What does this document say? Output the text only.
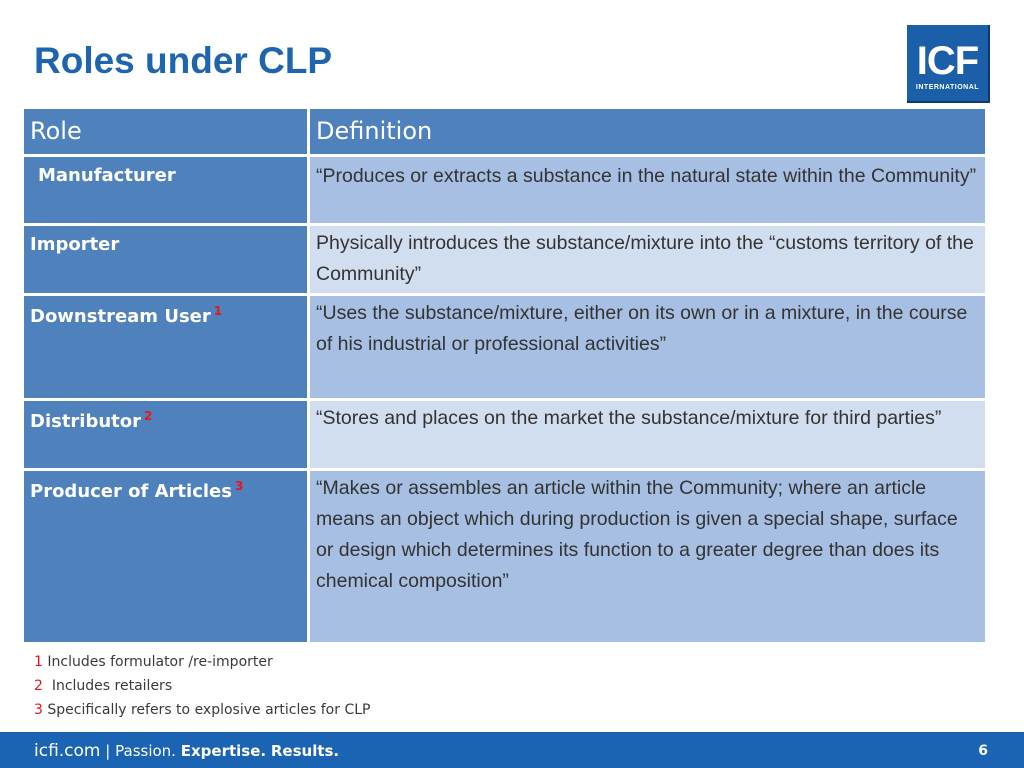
Roles under CLP	ICF
INTERNATIONAL
Role	Definition
Manufacturer	“Produces or extracts a substance in the natural state within the Community”
Importer	Physically introduces the substance/mixture into the “customs territory of the Community”
Downstream User $^1$	“Uses the substance/mixture, either on its own or in a mixture, in the course of his industrial or professional activities”
Distributor $^2$	“Stores and places on the market the substance/mixture for third parties”
Producer of Articles $^3$	“Makes or assembles an article within the Community; where an article means an object which during production is given a special shape, surface or design which determines its function to a greater degree than does its chemical composition”
1 Includes formulator /re-importer
2 Includes retailers
3 Specifically refers to explosive articles for CLP
icfi.com | Passion. Expertise. Results.	6
